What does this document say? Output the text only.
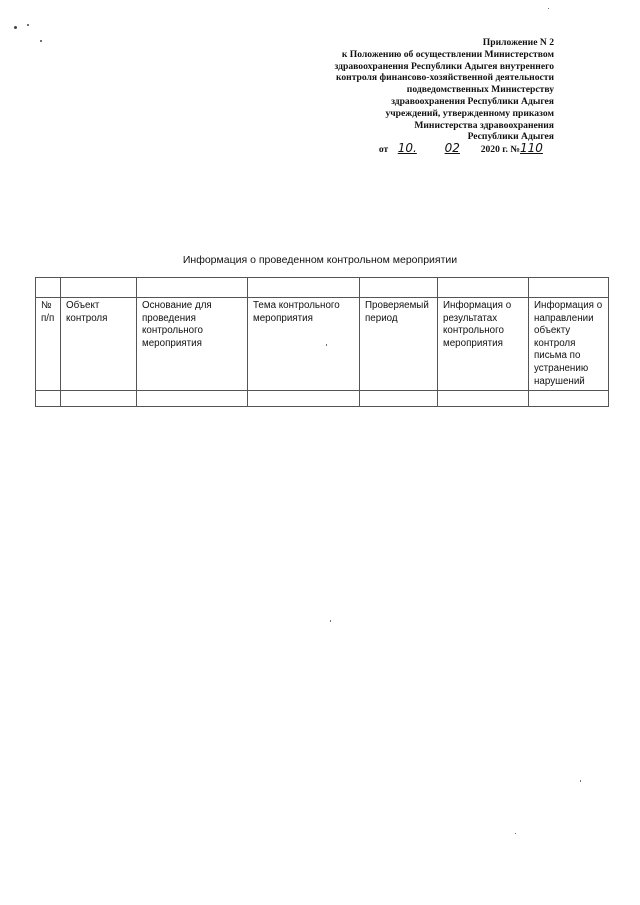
Приложение N 2
к Положению об осуществлении Министерством
здравоохранения Республики Адыгея внутреннего
контроля финансово-хозяйственной деятельности
подведомственных Министерству
здравоохранения Республики Адыгея
учреждений, утвержденному приказом
Министерства здравоохранения
Республики Адыгея
от 10. 02 2020 г. №110
Информация о проведенном контрольном мероприятии

№ п/п	Объект контроля	Основание для проведения контрольного мероприятия	Тема контрольного мероприятия	Проверяемый период	Информация о результатах контрольного мероприятия	Информация о направлении объекту контроля письма по устранению нарушений
